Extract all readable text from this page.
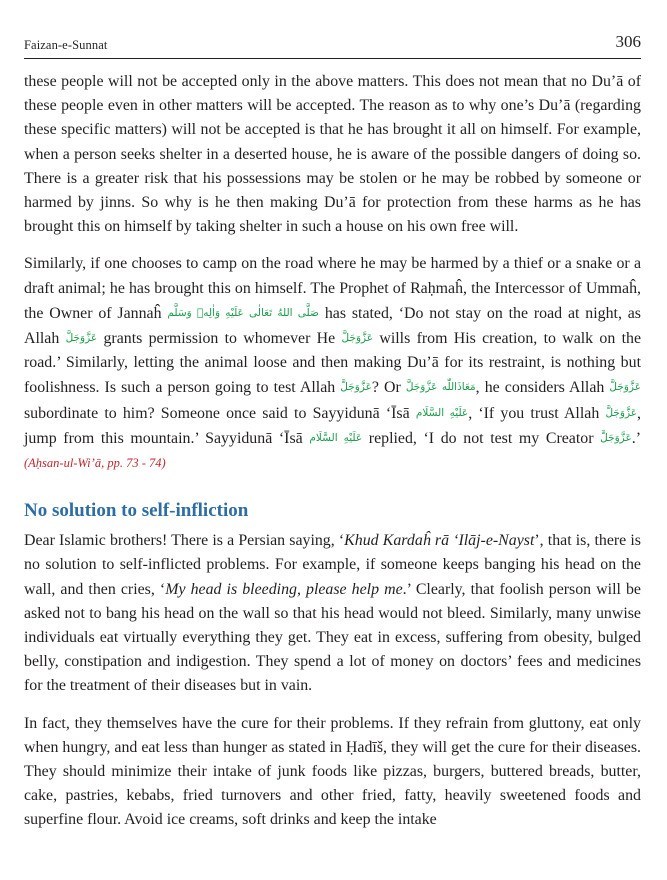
Faizan-e-Sunnat	306

these people will not be accepted only in the above matters. This does not mean that no Du’ā of these people even in other matters will be accepted. The reason as to why one’s Du’ā (regarding these specific matters) will not be accepted is that he has brought it all on himself. For example, when a person seeks shelter in a deserted house, he is aware of the possible dangers of doing so. There is a greater risk that his possessions may be stolen or he may be robbed by someone or harmed by jinns. So why is he then making Du’ā for protection from these harms as he has brought this on himself by taking shelter in such a house on his own free will.

Similarly, if one chooses to camp on the road where he may be harmed by a thief or a snake or a draft animal; he has brought this on himself. The Prophet of Raḥmaĥ, the Intercessor of Ummaĥ, the Owner of Jannaĥ صَلَّى اللهُ تَعَالٰى عَلَيْهِ وَاٰلِهٖ وَسَلَّم has stated, ‘Do not stay on the road at night, as Allah عَزَّوَجَلَّ grants permission to whomever He عَزَّوَجَلَّ wills from His creation, to walk on the road.’ Similarly, letting the animal loose and then making Du’ā for its restraint, is nothing but foolishness. Is such a person going to test Allah عَزَّوَجَلَّ? Or مَعَاذَاللّٰه عَزَّوَجَلَّ, he considers Allah عَزَّوَجَلَّ subordinate to him? Someone once said to Sayyidunā ‘Īsā عَلَيْهِ السَّلَام, ‘If you trust Allah عَزَّوَجَلَّ, jump from this mountain.’ Sayyidunā ‘Īsā عَلَيْهِ السَّلَام replied, ‘I do not test my Creator عَزَّوَجَلَّ.’ (Aḥsan-ul-Wi’ā, pp. 73 - 74)

No solution to self-infliction

Dear Islamic brothers! There is a Persian saying, ‘Khud Kardaĥ rā ‘Ilāj-e-Nayst’, that is, there is no solution to self-inflicted problems. For example, if someone keeps banging his head on the wall, and then cries, ‘My head is bleeding, please help me.’ Clearly, that foolish person will be asked not to bang his head on the wall so that his head would not bleed. Similarly, many unwise individuals eat virtually everything they get. They eat in excess, suffering from obesity, bulged belly, constipation and indigestion. They spend a lot of money on doctors’ fees and medicines for the treatment of their diseases but in vain.

In fact, they themselves have the cure for their problems. If they refrain from gluttony, eat only when hungry, and eat less than hunger as stated in Ḥadīš, they will get the cure for their diseases. They should minimize their intake of junk foods like pizzas, burgers, buttered breads, butter, cake, pastries, kebabs, fried turnovers and other fried, fatty, heavily sweetened foods and superfine flour. Avoid ice creams, soft drinks and keep the intake
